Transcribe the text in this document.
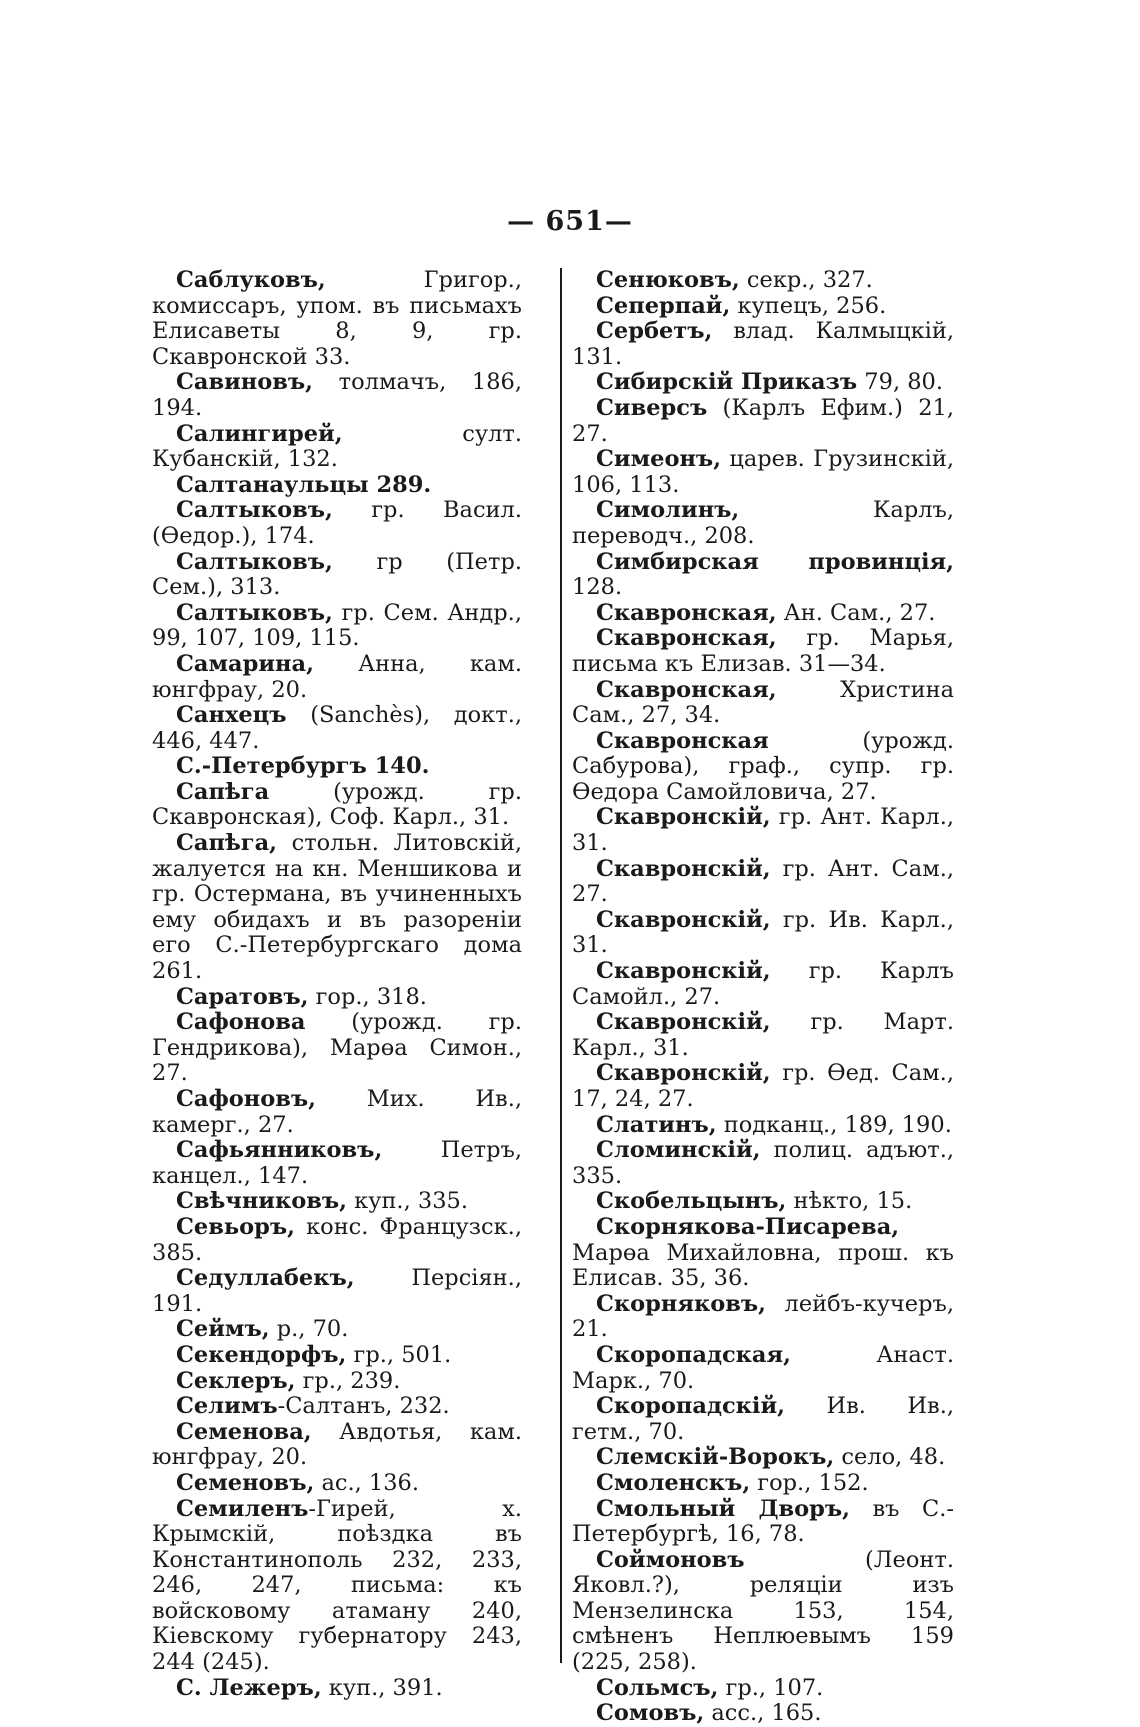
— 651—

Саблуковъ, Григор., комиссаръ, упом. въ письмахъ Елисаветы 8, 9, гр. Скавронской 33.

Савиновъ, толмачъ, 186, 194.

Салингирей, султ. Кубанскій, 132.

Салтанаульцы 289.

Салтыковъ, гр. Васил. (Өедор.), 174.

Салтыковъ, гр (Петр. Сем.), 313.

Салтыковъ, гр. Сем. Андр., 99, 107, 109, 115.

Самарина, Анна, кам. юнгфрау, 20.

Санхецъ (Sanchès), докт., 446, 447.

С.-Петербургъ 140.

Сапѣга (урожд. гр. Скавронская), Соф. Карл., 31.

Сапѣга, стольн. Литовскій, жалуется на кн. Меншикова и гр. Остермана, въ учиненныхъ ему обидахъ и въ разореніи его С.-Петербургскаго дома 261.

Саратовъ, гор., 318.

Сафонова (урожд. гр. Гендрикова), Марөа Симон., 27.

Сафоновъ, Мих. Ив., камерг., 27.

Сафьянниковъ, Петръ, канцел., 147.

Свѣчниковъ, куп., 335.

Севьоръ, конс. Французск., 385.

Седуллабекъ, Персіян., 191.

Сеймъ, р., 70.

Секендорфъ, гр., 501.

Секлеръ, гр., 239.

Селимъ-Салтанъ, 232.

Семенова, Авдотья, кам. юнгфрау, 20.

Семеновъ, ас., 136.

Семиленъ-Гирей, х. Крымскій, поѣздка въ Константинополь 232, 233, 246, 247, письма: къ войсковому атаману 240, Кіевскому губернатору 243, 244 (245).

С. Лежеръ, куп., 391.

Сенюковъ, секр., 327.

Сеперпай, купецъ, 256.

Сербетъ, влад. Калмыцкій, 131.

Сибирскій Приказъ 79, 80.

Сиверсъ (Карлъ Ефим.) 21, 27.

Симеонъ, царев. Грузинскій, 106, 113.

Симолинъ, Карлъ, переводч., 208.

Симбирская провинція, 128.

Скавронская, Ан. Сам., 27.

Скавронская, гр. Марья, письма къ Елизав. 31—34.

Скавронская, Христина Сам., 27, 34.

Скавронская (урожд. Сабурова), граф., супр. гр. Өедора Самойловича, 27.

Скавронскій, гр. Ант. Карл., 31.

Скавронскій, гр. Ант. Сам., 27.

Скавронскій, гр. Ив. Карл., 31.

Скавронскій, гр. Карлъ Самойл., 27.

Скавронскій, гр. Март. Карл., 31.

Скавронскій, гр. Өед. Сам., 17, 24, 27.

Слатинъ, подканц., 189, 190.

Сломинскій, полиц. адъют., 335.

Скобельцынъ, нѣкто, 15.

Скорнякова-Писарева, Марөа Михайловна, прош. къ Елисав. 35, 36.

Скорняковъ, лейбъ-кучеръ, 21.

Скоропадская, Анаст. Марк., 70.

Скоропадскій, Ив. Ив., гетм., 70.

Слемскій-Ворокъ, село, 48.

Смоленскъ, гор., 152.

Смольный Дворъ, въ С.-Петербургѣ, 16, 78.

Соймоновъ (Леонт. Яковл.?), реляціи изъ Мензелинска 153, 154, смѣненъ Неплюевымъ 159 (225, 258).

Сольмсъ, гр., 107.

Сомовъ, асс., 165.
